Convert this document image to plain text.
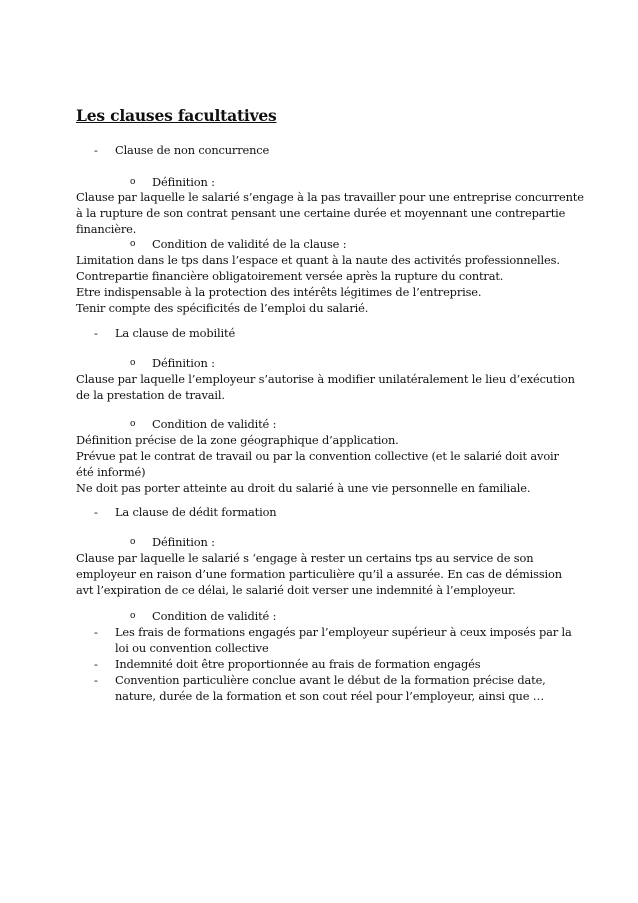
Les clauses facultatives
- Clause de non concurrence
o Définition :
Clause par laquelle le salarié s’engage à la pas travailler pour une entreprise concurrente
à la rupture de son contrat pensant une certaine durée et moyennant une contrepartie
financière.
o Condition de validité de la clause :
Limitation dans le tps dans l’espace et quant à la naute des activités professionnelles.
Contrepartie financière obligatoirement versée après la rupture du contrat.
Etre indispensable à la protection des intérêts légitimes de l’entreprise.
Tenir compte des spécificités de l’emploi du salarié.
- La clause de mobilité
o Définition :
Clause par laquelle l’employeur s’autorise à modifier unilatéralement le lieu d’exécution
de la prestation de travail.
o Condition de validité :
Définition précise de la zone géographique d’application.
Prévue pat le contrat de travail ou par la convention collective (et le salarié doit avoir
été informé)
Ne doit pas porter atteinte au droit du salarié à une vie personnelle en familiale.
- La clause de dédit formation
o Définition :
Clause par laquelle le salarié s ‘engage à rester un certains tps au service de son
employeur en raison d’une formation particulière qu’il a assurée. En cas de démission
avt l’expiration de ce délai, le salarié doit verser une indemnité à l’employeur.
o Condition de validité :
- Les frais de formations engagés par l’employeur supérieur à ceux imposés par la
loi ou convention collective
- Indemnité doit être proportionnée au frais de formation engagés
- Convention particulière conclue avant le début de la formation précise date,
nature, durée de la formation et son cout réel pour l’employeur, ainsi que …
